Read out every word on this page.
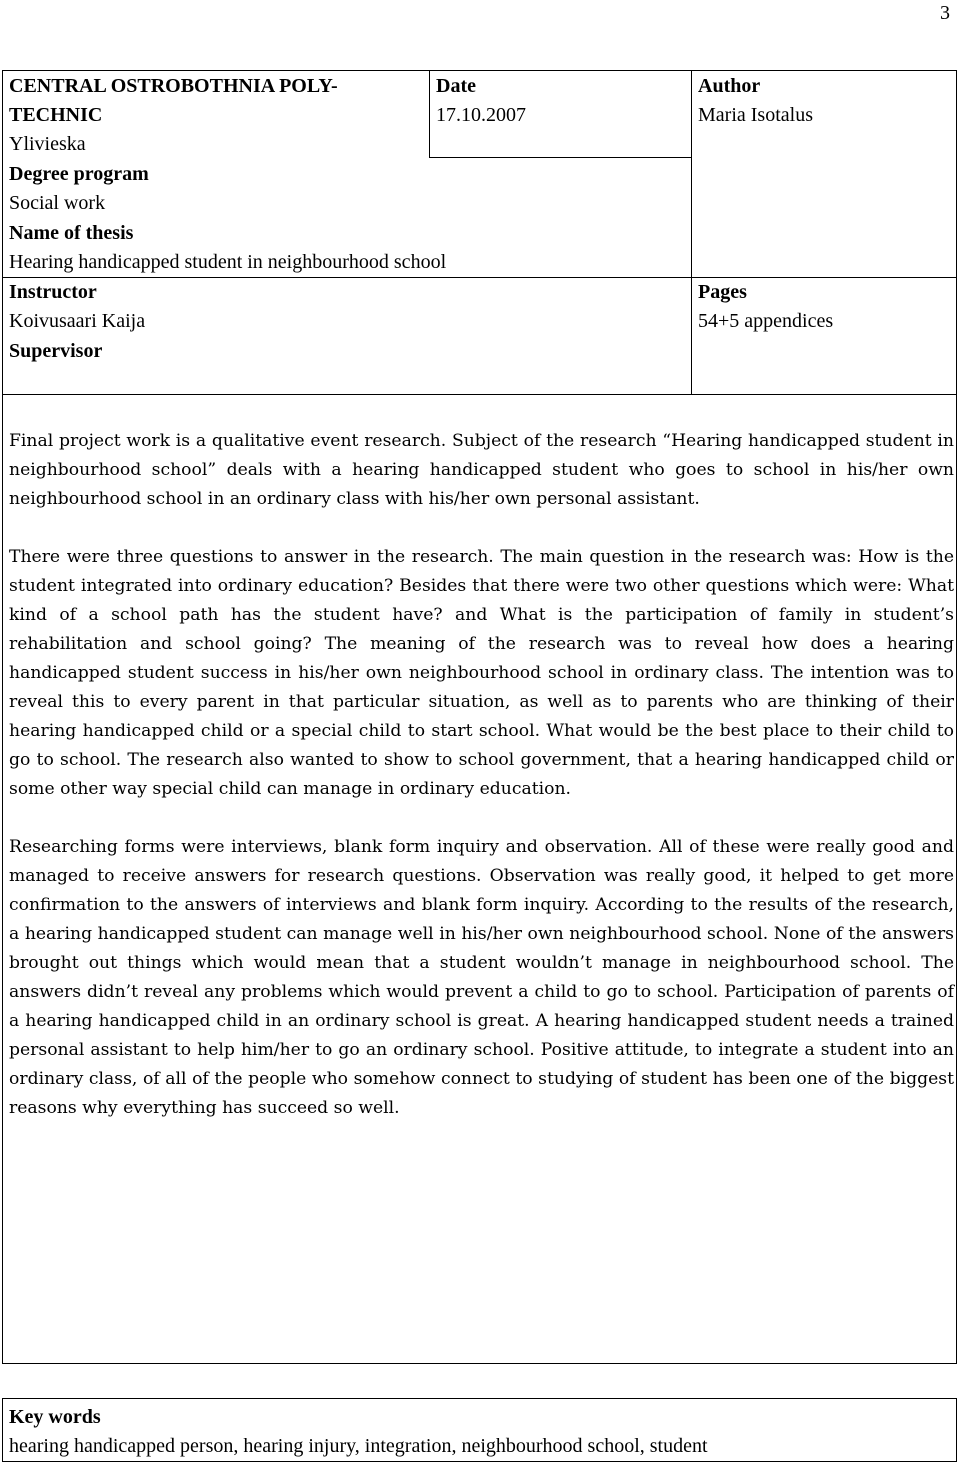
3
CENTRAL OSTROBOTHNIA POLY-
TECHNIC
Ylivieska
Degree program
Social work
Name of thesis
Hearing handicapped student in neighbourhood school
Instructor
Koivusaari Kaija
Supervisor
Date
17.10.2007
Author
Maria Isotalus
Pages
54+5 appendices

Final project work is a qualitative event research. Subject of the research “Hearing handicapped student in neighbourhood school” deals with a hearing handicapped student who goes to school in his/her own neighbourhood school in an ordinary class with his/her own personal assistant.

There were three questions to answer in the research. The main question in the research was: How is the student integrated into ordinary education? Besides that there were two other questions which were: What kind of a school path has the student have? and What is the participation of family in student’s rehabilitation and school going? The meaning of the research was to reveal how does a hearing handicapped student success in his/her own neighbourhood school in ordinary class. The intention was to reveal this to every parent in that particular situation, as well as to parents who are thinking of their hearing handicapped child or a special child to start school. What would be the best place to their child to go to school. The research also wanted to show to school government, that a hearing handicapped child or some other way special child can manage in ordinary education.

Researching forms were interviews, blank form inquiry and observation. All of these were really good and managed to receive answers for research questions. Observation was really good, it helped to get more confirmation to the answers of interviews and blank form inquiry. According to the results of the research, a hearing handicapped student can manage well in his/her own neighbourhood school. None of the answers brought out things which would mean that a student wouldn’t manage in neighbourhood school. The answers didn’t reveal any problems which would prevent a child to go to school. Participation of parents of a hearing handicapped child in an ordinary school is great. A hearing handicapped student needs a trained personal assistant to help him/her to go an ordinary school. Positive attitude, to integrate a student into an ordinary class, of all of the people who somehow connect to studying of student has been one of the biggest reasons why everything has succeed so well.

Key words
hearing handicapped person, hearing injury, integration, neighbourhood school, student
